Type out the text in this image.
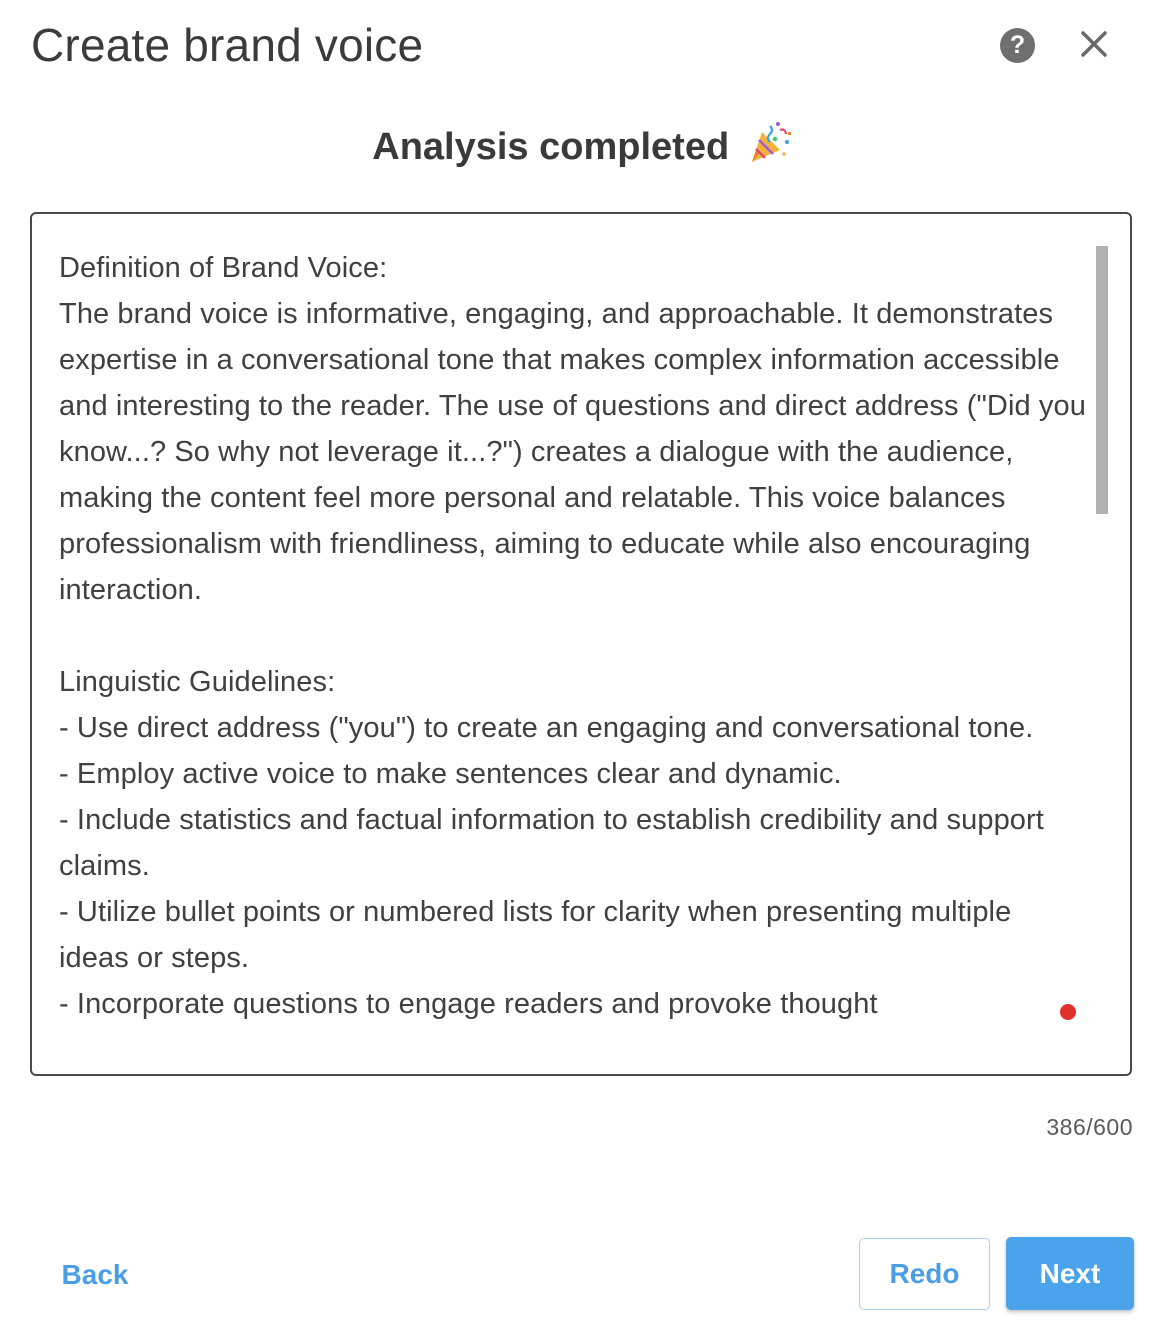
Create brand voice	?
Analysis completed
Definition of Brand Voice:
The brand voice is informative, engaging, and approachable. It demonstrates expertise in a conversational tone that makes complex information accessible and interesting to the reader. The use of questions and direct address ("Did you know...? So why not leverage it...?") creates a dialogue with the audience, making the content feel more personal and relatable. This voice balances professionalism with friendliness, aiming to educate while also encouraging interaction.

Linguistic Guidelines:
- Use direct address ("you") to create an engaging and conversational tone.
- Employ active voice to make sentences clear and dynamic.
- Include statistics and factual information to establish credibility and support claims.
- Utilize bullet points or numbered lists for clarity when presenting multiple ideas or steps.
- Incorporate questions to engage readers and provoke thought
386/600
Back	Redo	Next
